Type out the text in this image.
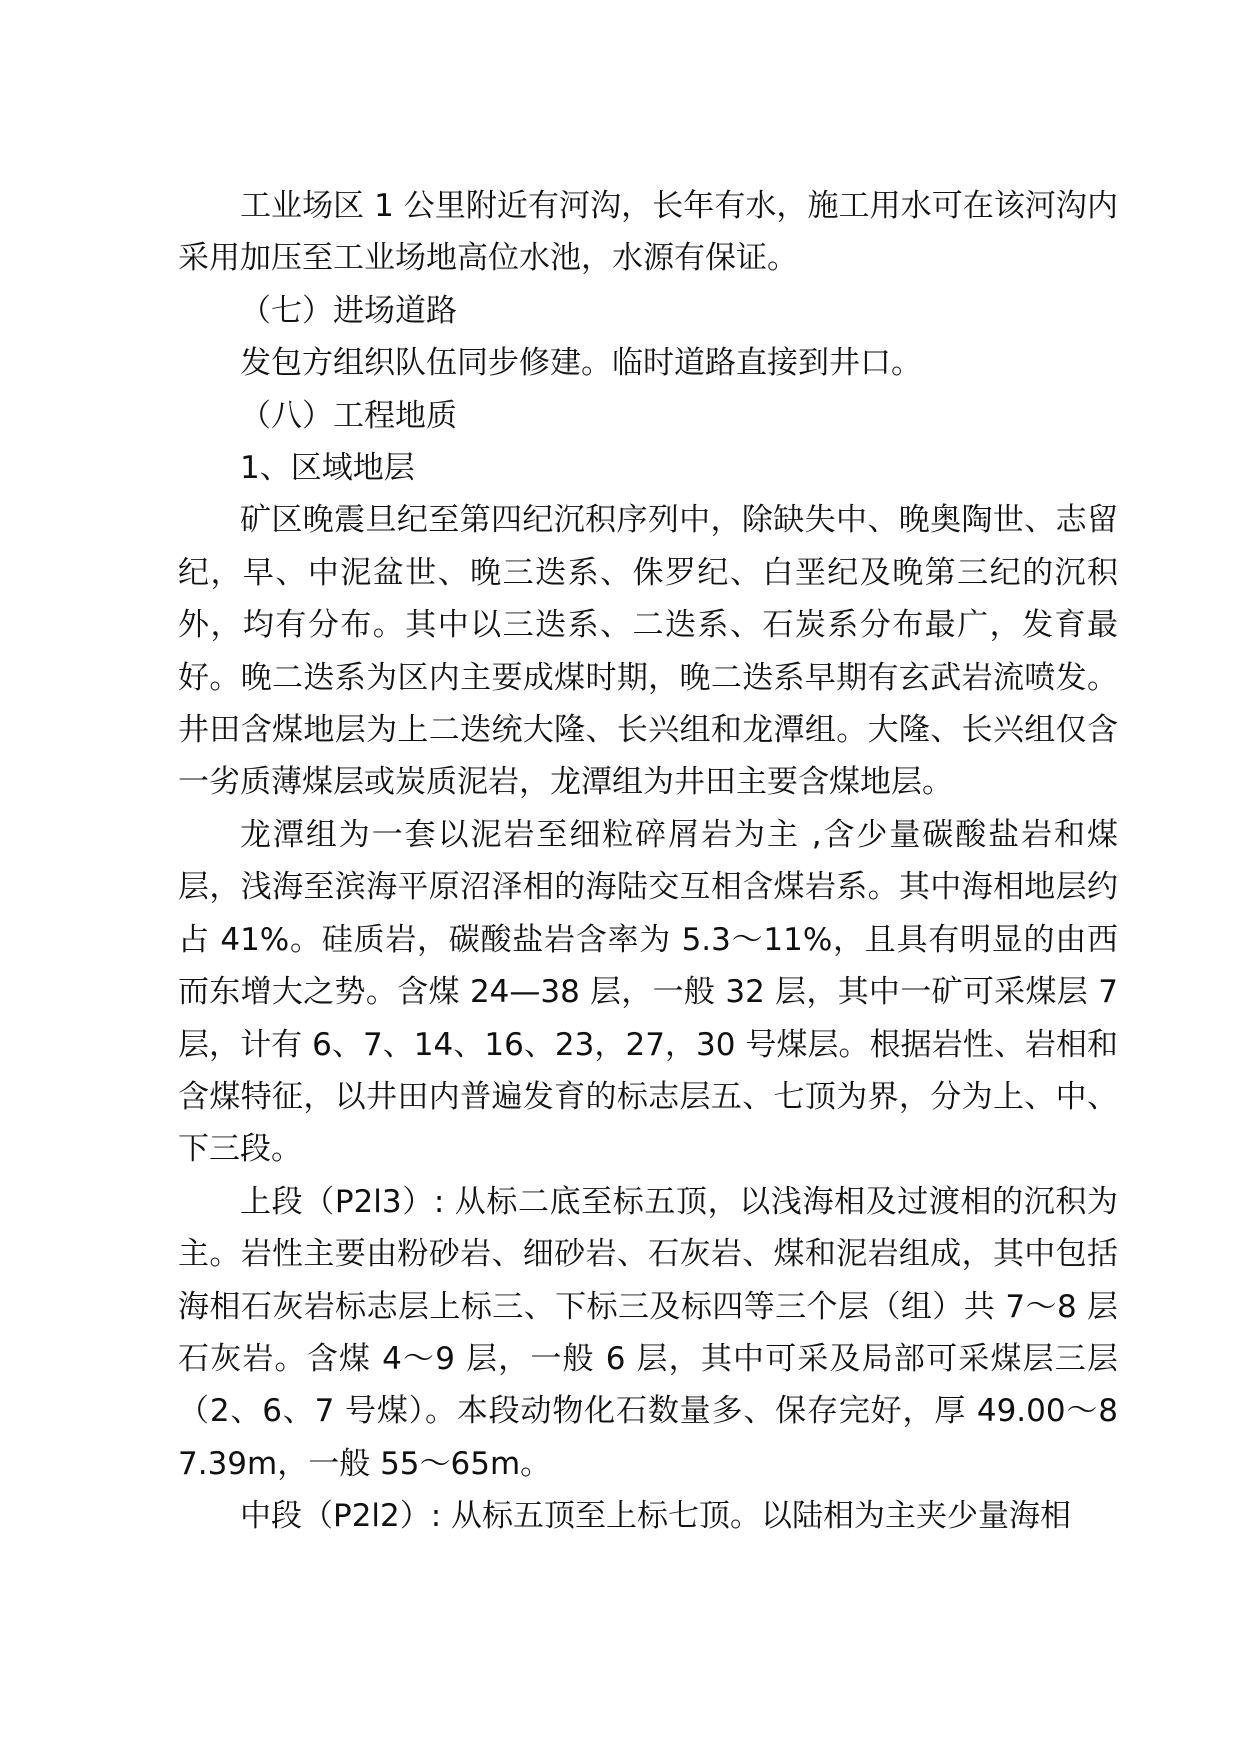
工业场区 1 公里附近有河沟，长年有水，施工用水可在该河沟内采用加压至工业场地高位水池，水源有保证。

（七）进场道路

发包方组织队伍同步修建。临时道路直接到井口。

（八）工程地质

1、区域地层

矿区晚震旦纪至第四纪沉积序列中，除缺失中、晚奥陶世、志留纪，早、中泥盆世、晚三迭系、侏罗纪、白垩纪及晚第三纪的沉积外，均有分布。其中以三迭系、二迭系、石炭系分布最广，发育最好。晚二迭系为区内主要成煤时期，晚二迭系早期有玄武岩流喷发。井田含煤地层为上二迭统大隆、长兴组和龙潭组。大隆、长兴组仅含一劣质薄煤层或炭质泥岩，龙潭组为井田主要含煤地层。

龙潭组为一套以泥岩至细粒碎屑岩为主 ,含少量碳酸盐岩和煤层，浅海至滨海平原沼泽相的海陆交互相含煤岩系。其中海相地层约占 41%。硅质岩，碳酸盐岩含率为 5.3～11%，且具有明显的由西而东增大之势。含煤 24—38 层，一般 32 层，其中一矿可采煤层 7 层，计有 6、7、14、16、23，27，30 号煤层。根据岩性、岩相和含煤特征，以井田内普遍发育的标志层五、七顶为界，分为上、中、下三段。

上段（P2l3）: 从标二底至标五顶，以浅海相及过渡相的沉积为主。岩性主要由粉砂岩、细砂岩、石灰岩、煤和泥岩组成，其中包括海相石灰岩标志层上标三、下标三及标四等三个层（组）共 7～8 层石灰岩。含煤 4～9 层，一般 6 层，其中可采及局部可采煤层三层（2、6、7 号煤）。本段动物化石数量多、保存完好，厚 49.00～87.39m，一般 55～65m。

中段（P2l2）: 从标五顶至上标七顶。以陆相为主夹少量海相
